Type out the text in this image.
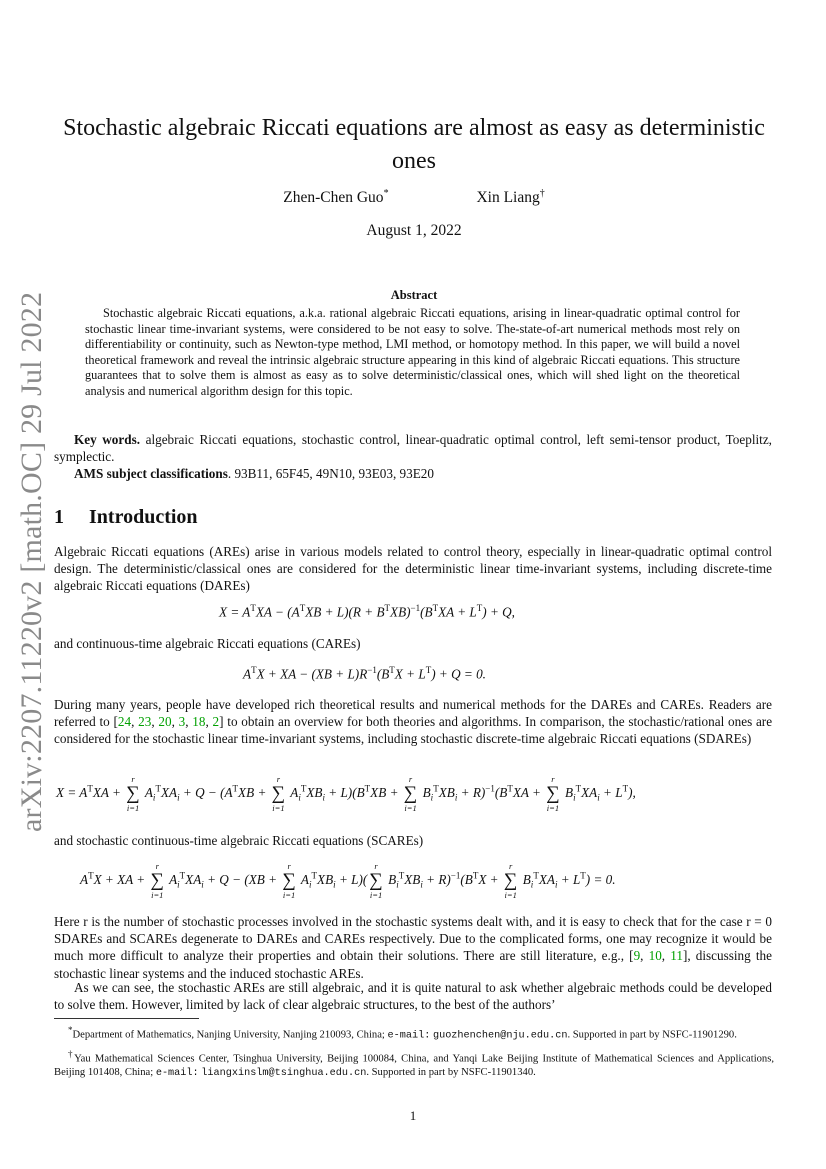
arXiv:2207.11220v2 [math.OC] 29 Jul 2022
Stochastic algebraic Riccati equations are almost as easy as deterministic ones
Zhen-Chen Guo*	Xin Liang†
August 1, 2022
Abstract
Stochastic algebraic Riccati equations, a.k.a. rational algebraic Riccati equations, arising in linear-quadratic optimal control for stochastic linear time-invariant systems, were considered to be not easy to solve. The-state-of-art numerical methods most rely on differentiability or continuity, such as Newton-type method, LMI method, or homotopy method. In this paper, we will build a novel theoretical framework and reveal the intrinsic algebraic structure appearing in this kind of algebraic Riccati equations. This structure guarantees that to solve them is almost as easy as to solve deterministic/classical ones, which will shed light on the theoretical analysis and numerical algorithm design for this topic.
Key words. algebraic Riccati equations, stochastic control, linear-quadratic optimal control, left semi-tensor product, Toeplitz, symplectic.
AMS subject classifications. 93B11, 65F45, 49N10, 93E03, 93E20
1 Introduction
Algebraic Riccati equations (AREs) arise in various models related to control theory, especially in linear-quadratic optimal control design. The deterministic/classical ones are considered for the deterministic linear time-invariant systems, including discrete-time algebraic Riccati equations (DAREs)
$X = A^TXA - (A^TXB + L)(R + B^TXB)^{-1}(B^TXA + L^T) + Q$,
and continuous-time algebraic Riccati equations (CAREs)
$A^TX$ + XA − $(XB + L)R^{-1}(B^TX + L^T) + Q = 0$.
During many years, people have developed rich theoretical results and numerical methods for the DAREs and CAREs. Readers are referred to [24, 23, 20, 3, 18, 2] to obtain an overview for both theories and algorithms. In comparison, the stochastic/rational ones are considered for the stochastic linear time-invariant systems, including stochastic discrete-time algebraic Riccati equations (SDAREs)
$X = A^TXA$ +
r
∑
i=1
$A_i^TXA_i + Q - (A^TXB$ +
r
∑
i=1
$A_i^TXB_i + L)(B^TXB$ +
r
∑
i=1
$B_i^TXB_i + R)^{-1}(B^TXA$ +
r
∑
i=1
$B_i^TXA_i + L^T$),
and stochastic continuous-time algebraic Riccati equations (SCAREs)
$A^TX$ + XA +
r
∑
i=1
$A_i^TXA_i + Q - (XB$ +
r
∑
i=1
$A_i^TXB_i + L$)(
r
∑
i=1
$B_i^TXB_i + R)^{-1}(B^TX$ +
r
∑
i=1
$B_i^TXA_i + L^T) = 0$.
Here r is the number of stochastic processes involved in the stochastic systems dealt with, and it is easy to check that for the case r = 0 SDAREs and SCAREs degenerate to DAREs and CAREs respectively. Due to the complicated forms, one may recognize it would be much more difficult to analyze their properties and obtain their solutions. There are still literature, e.g., [9, 10, 11], discussing the stochastic linear systems and the induced stochastic AREs.
As we can see, the stochastic AREs are still algebraic, and it is quite natural to ask whether algebraic methods could be developed to solve them. However, limited by lack of clear algebraic structures, to the best of the authors’
*Department of Mathematics, Nanjing University, Nanjing 210093, China; e-mail: guozhenchen@nju.edu.cn. Supported in part by NSFC-11901290.
†Yau Mathematical Sciences Center, Tsinghua University, Beijing 100084, China, and Yanqi Lake Beijing Institute of Mathematical Sciences and Applications, Beijing 101408, China; e-mail: liangxinslm@tsinghua.edu.cn. Supported in part by NSFC-11901340.
1
